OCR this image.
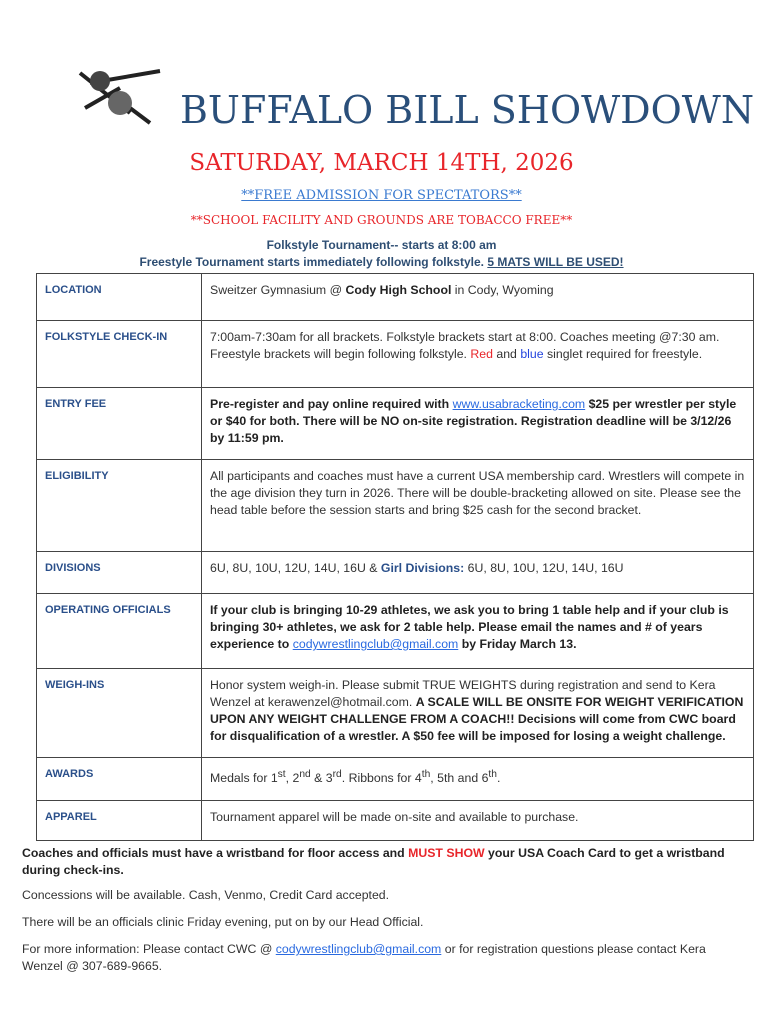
BUFFALO BILL SHOWDOWN
SATURDAY, MARCH 14TH, 2026
**FREE ADMISSION FOR SPECTATORS**
**SCHOOL FACILITY AND GROUNDS ARE TOBACCO FREE**
Folkstyle Tournament-- starts at 8:00 am
Freestyle Tournament starts immediately following folkstyle. 5 MATS WILL BE USED!
LOCATION	Sweitzer Gymnasium @ Cody High School in Cody, Wyoming
FOLKSTYLE CHECK-IN	7:00am-7:30am for all brackets. Folkstyle brackets start at 8:00. Coaches meeting @7:30 am. Freestyle brackets will begin following folkstyle. Red and blue singlet required for freestyle.
ENTRY FEE	Pre-register and pay online required with www.usabracketing.com $25 per wrestler per style or $40 for both. There will be NO on-site registration. Registration deadline will be 3/12/26 by 11:59 pm.
ELIGIBILITY	All participants and coaches must have a current USA membership card. Wrestlers will compete in the age division they turn in 2026. There will be double-bracketing allowed on site. Please see the head table before the session starts and bring $25 cash for the second bracket.
DIVISIONS	6U, 8U, 10U, 12U, 14U, 16U & Girl Divisions: 6U, 8U, 10U, 12U, 14U, 16U
OPERATING OFFICIALS	If your club is bringing 10-29 athletes, we ask you to bring 1 table help and if your club is bringing 30+ athletes, we ask for 2 table help. Please email the names and # of years experience to codywrestlingclub@gmail.com by Friday March 13.
WEIGH-INS	Honor system weigh-in. Please submit TRUE WEIGHTS during registration and send to Kera Wenzel at kerawenzel@hotmail.com. A SCALE WILL BE ONSITE FOR WEIGHT VERIFICATION UPON ANY WEIGHT CHALLENGE FROM A COACH!! Decisions will come from CWC board for disqualification of a wrestler. A $50 fee will be imposed for losing a weight challenge.
AWARDS	Medals for 1st, 2nd & 3rd. Ribbons for 4th, 5th and 6th.
APPAREL	Tournament apparel will be made on-site and available to purchase.
Coaches and officials must have a wristband for floor access and MUST SHOW your USA Coach Card to get a wristband during check-ins.
Concessions will be available. Cash, Venmo, Credit Card accepted.
There will be an officials clinic Friday evening, put on by our Head Official.
For more information: Please contact CWC @ codywrestlingclub@gmail.com or for registration questions please contact Kera Wenzel @ 307-689-9665.
